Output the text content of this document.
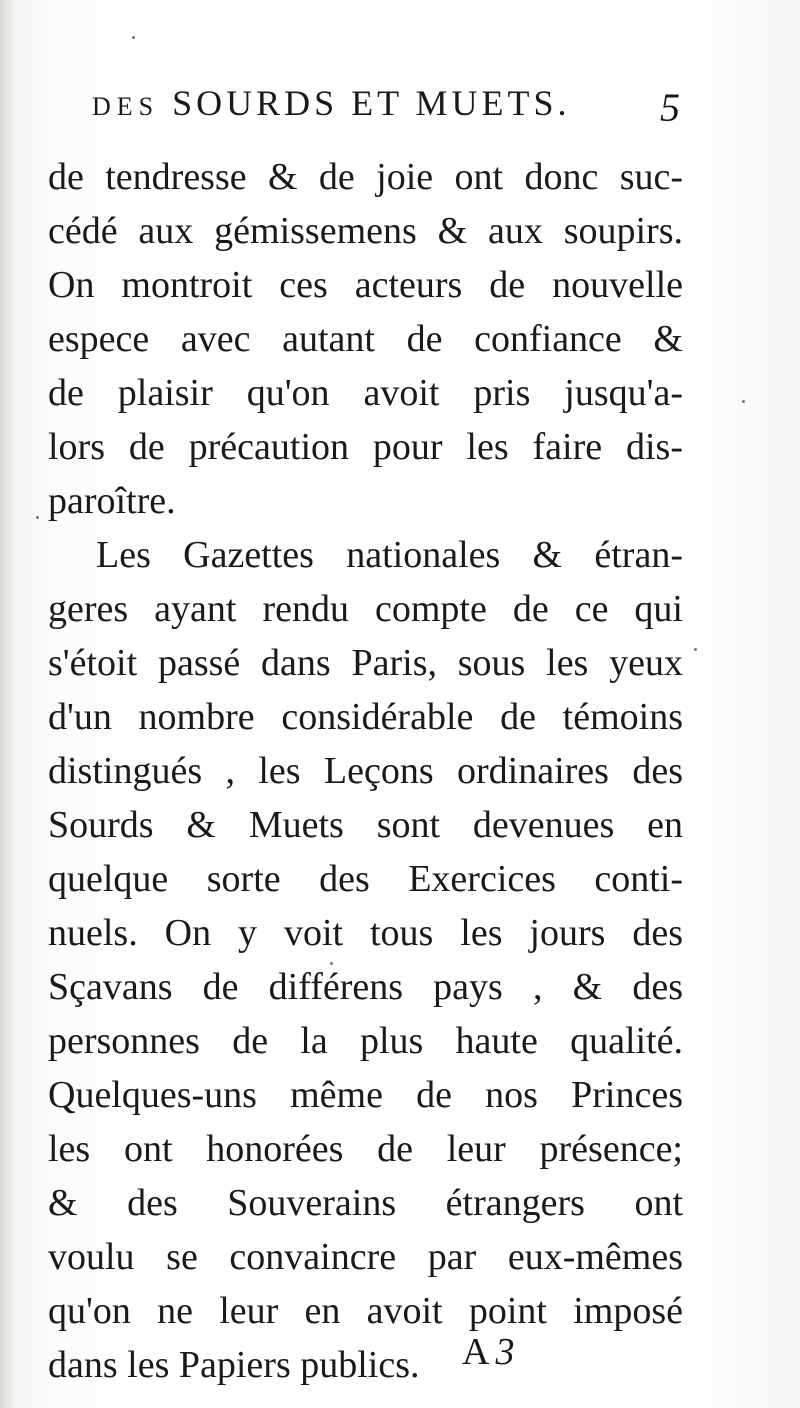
DES SOURDS ET MUETS. 5
de tendresse & de joie ont donc suc-
cédé aux gémissemens & aux soupirs.
On montroit ces acteurs de nouvelle
espece avec autant de confiance &
de plaisir qu'on avoit pris jusqu'a-
lors de précaution pour les faire dis-
paroître.
Les Gazettes nationales & étran-
geres ayant rendu compte de ce qui
s'étoit passé dans Paris, sous les yeux
d'un nombre considérable de témoins
distingués , les Leçons ordinaires des
Sourds & Muets sont devenues en
quelque sorte des Exercices conti-
nuels. On y voit tous les jours des
Sçavans de différens pays , & des
personnes de la plus haute qualité.
Quelques-uns même de nos Princes
les ont honorées de leur présence;
& des Souverains étrangers ont
voulu se convaincre par eux-mêmes
qu'on ne leur en avoit point imposé
dans les Papiers publics.	A3
